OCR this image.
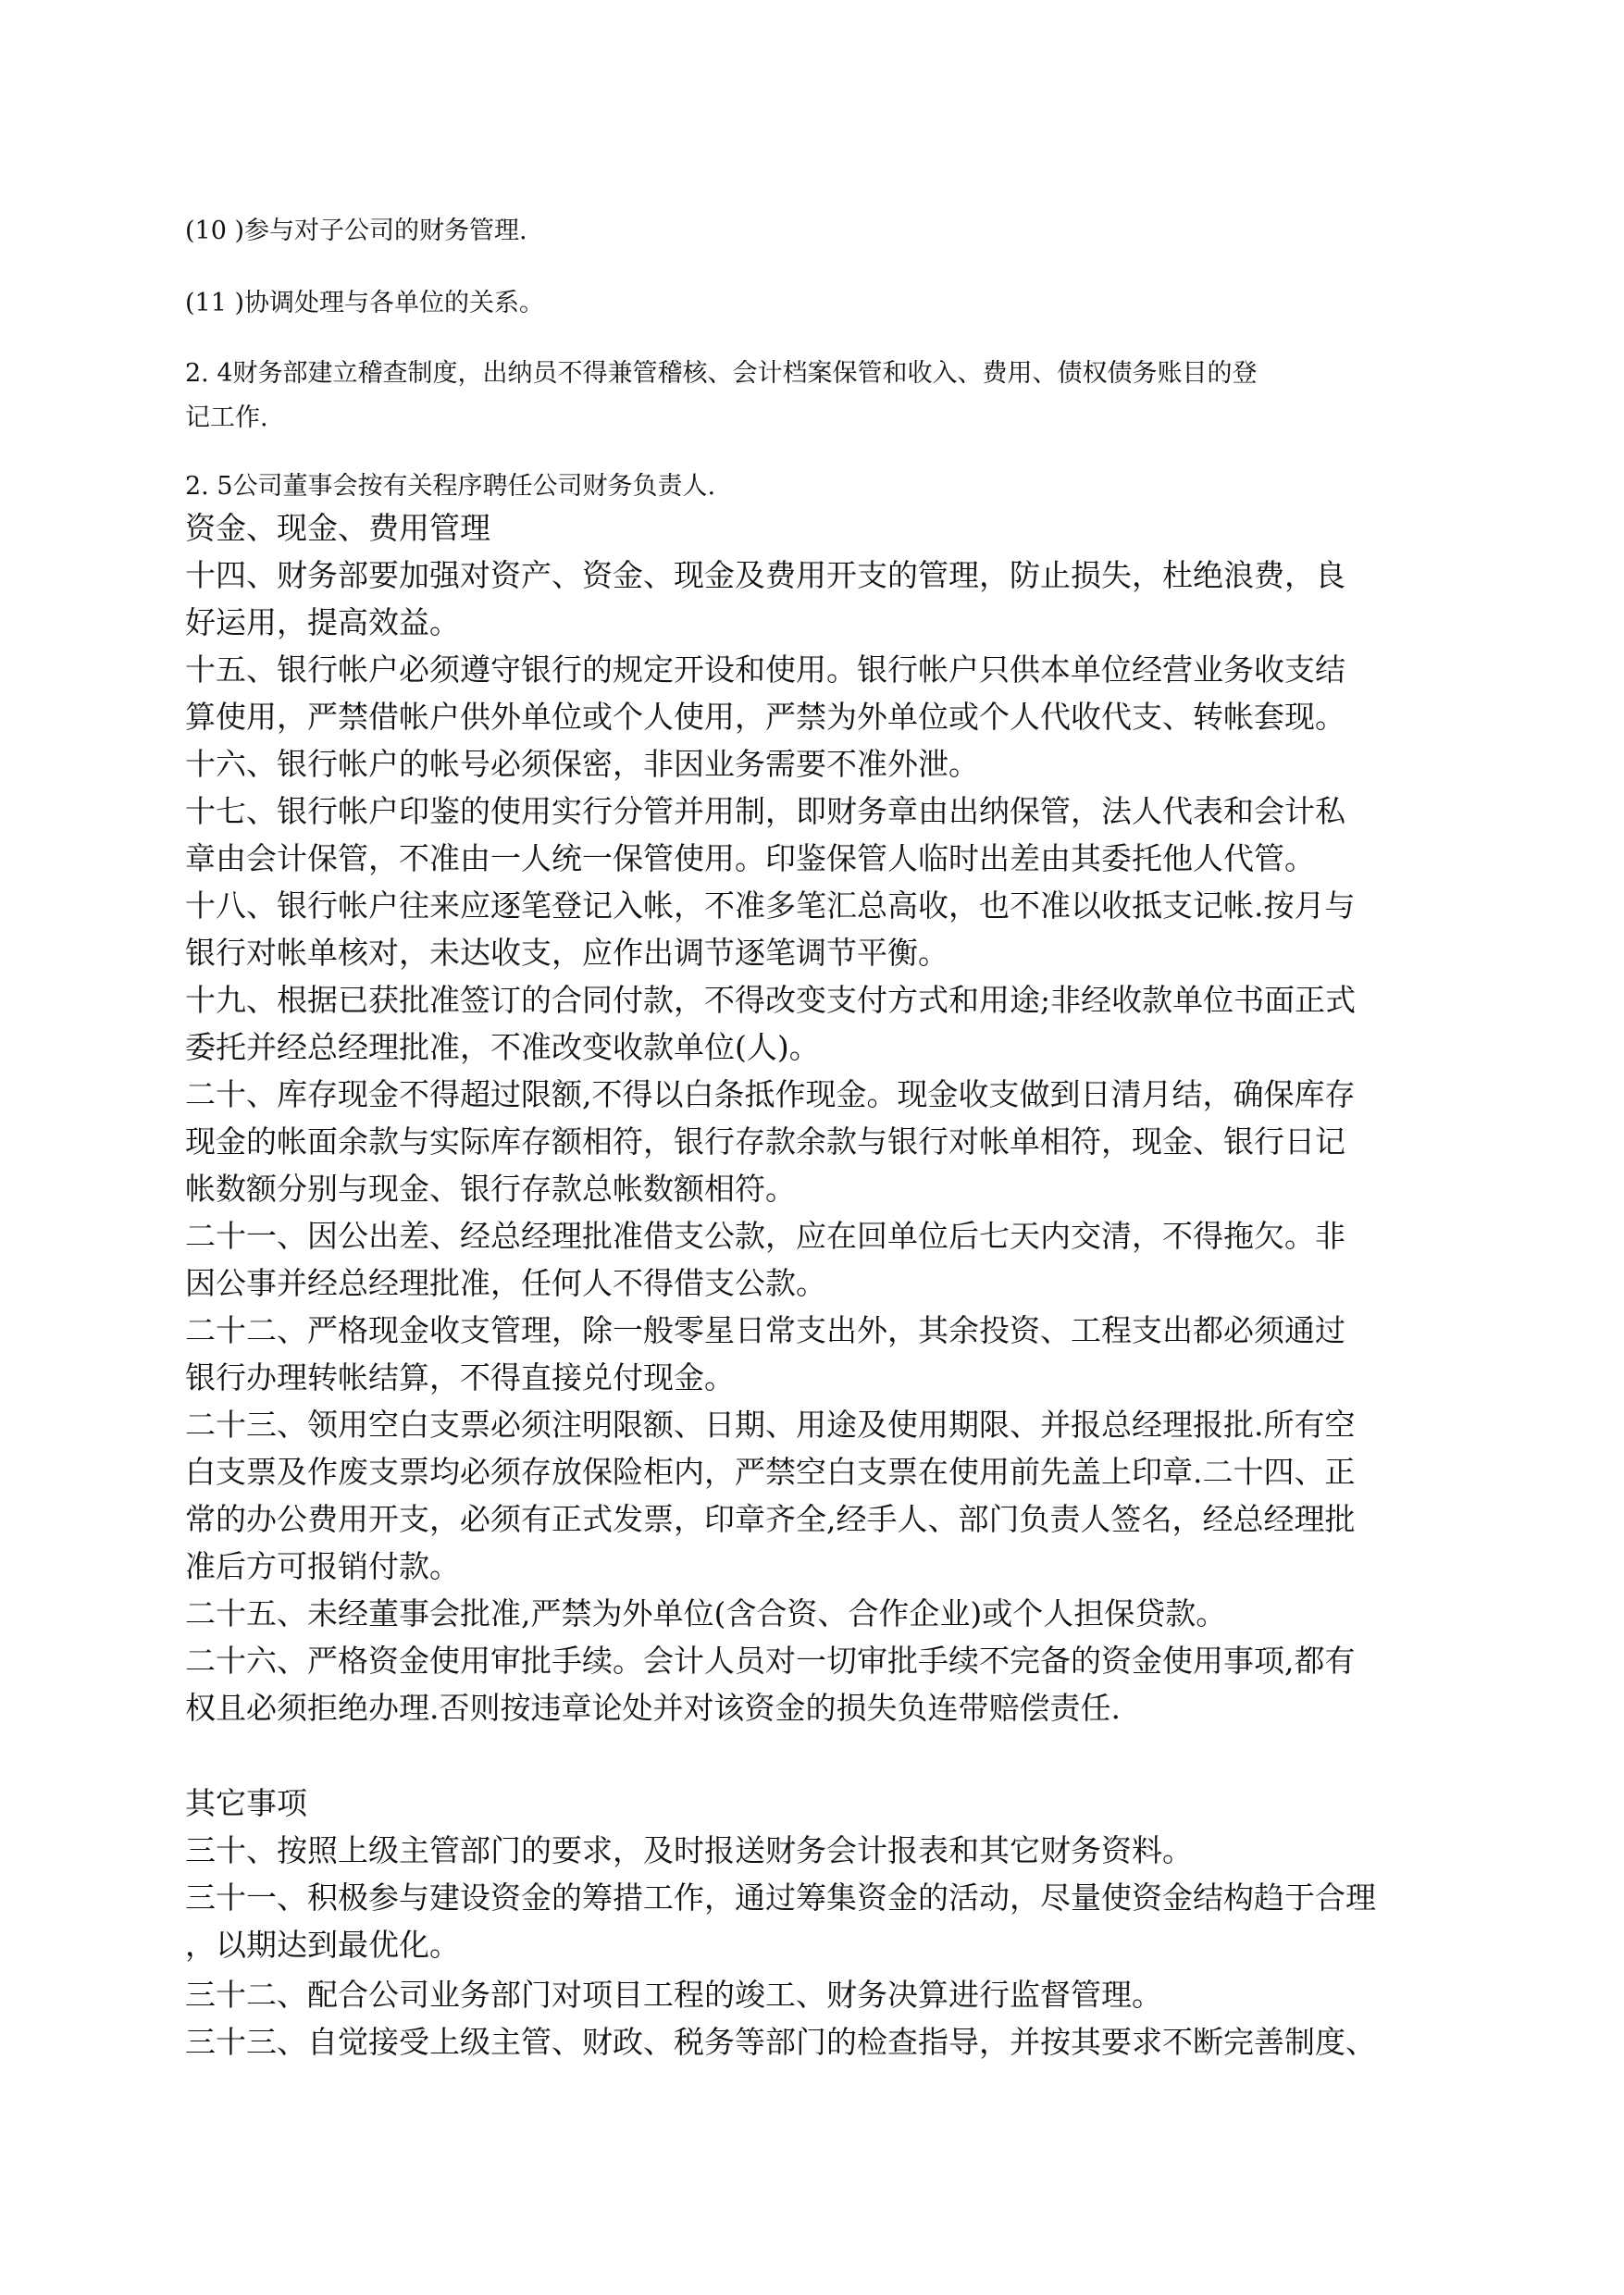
(10 )参与对子公司的财务管理.

(11 )协调处理与各单位的关系。

2. 4财务部建立稽查制度，出纳员不得兼管稽核、会计档案保管和收入、费用、债权债务账目的登
记工作.

2. 5公司董事会按有关程序聘任公司财务负责人.

资金、现金、费用管理
十四、财务部要加强对资产、资金、现金及费用开支的管理，防止损失，杜绝浪费，良
好运用，提高效益。
十五、银行帐户必须遵守银行的规定开设和使用。银行帐户只供本单位经营业务收支结
算使用，严禁借帐户供外单位或个人使用，严禁为外单位或个人代收代支、转帐套现。
十六、银行帐户的帐号必须保密，非因业务需要不准外泄。
十七、银行帐户印鉴的使用实行分管并用制，即财务章由出纳保管，法人代表和会计私
章由会计保管，不准由一人统一保管使用。印鉴保管人临时出差由其委托他人代管。
十八、银行帐户往来应逐笔登记入帐，不准多笔汇总高收，也不准以收抵支记帐.按月与
银行对帐单核对，未达收支，应作出调节逐笔调节平衡。
十九、根据已获批准签订的合同付款，不得改变支付方式和用途;非经收款单位书面正式
委托并经总经理批准，不准改变收款单位(人)。
二十、库存现金不得超过限额,不得以白条抵作现金。现金收支做到日清月结，确保库存
现金的帐面余款与实际库存额相符，银行存款余款与银行对帐单相符，现金、银行日记
帐数额分别与现金、银行存款总帐数额相符。
二十一、因公出差、经总经理批准借支公款，应在回单位后七天内交清，不得拖欠。非
因公事并经总经理批准，任何人不得借支公款。
二十二、严格现金收支管理，除一般零星日常支出外，其余投资、工程支出都必须通过
银行办理转帐结算，不得直接兑付现金。
二十三、领用空白支票必须注明限额、日期、用途及使用期限、并报总经理报批.所有空
白支票及作废支票均必须存放保险柜内，严禁空白支票在使用前先盖上印章.二十四、正
常的办公费用开支，必须有正式发票，印章齐全,经手人、部门负责人签名，经总经理批
准后方可报销付款。
二十五、未经董事会批准,严禁为外单位(含合资、合作企业)或个人担保贷款。
二十六、严格资金使用审批手续。会计人员对一切审批手续不完备的资金使用事项,都有
权且必须拒绝办理.否则按违章论处并对该资金的损失负连带赔偿责任.
其它事项
三十、按照上级主管部门的要求，及时报送财务会计报表和其它财务资料。
三十一、积极参与建设资金的筹措工作，通过筹集资金的活动，尽量使资金结构趋于合理
，以期达到最优化。
三十二、配合公司业务部门对项目工程的竣工、财务决算进行监督管理。
三十三、自觉接受上级主管、财政、税务等部门的检查指导，并按其要求不断完善制度、
